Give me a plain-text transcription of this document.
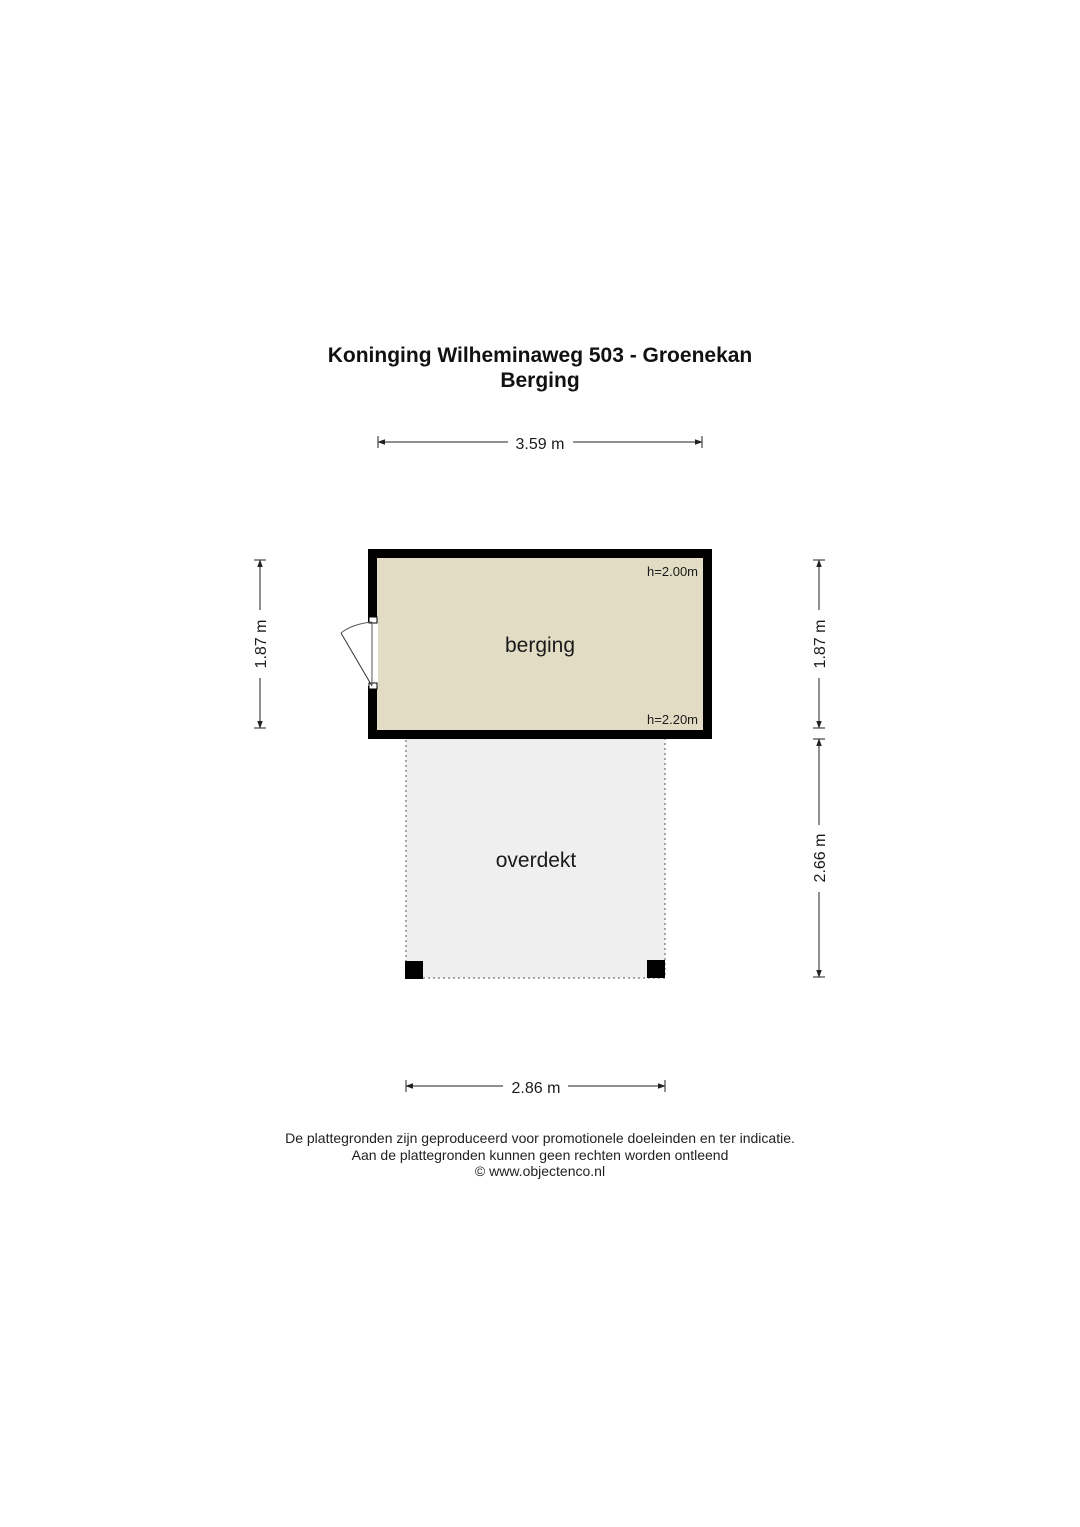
Koninging Wilheminaweg 503 - Groenekan
Berging
overdekt
berging
h=2.00m
h=2.20m
3.59 m
2.86 m
1.87 m	1.87 m
2.66 m
De plattegronden zijn geproduceerd voor promotionele doeleinden en ter indicatie.
Aan de plattegronden kunnen geen rechten worden ontleend
© www.objectenco.nl
